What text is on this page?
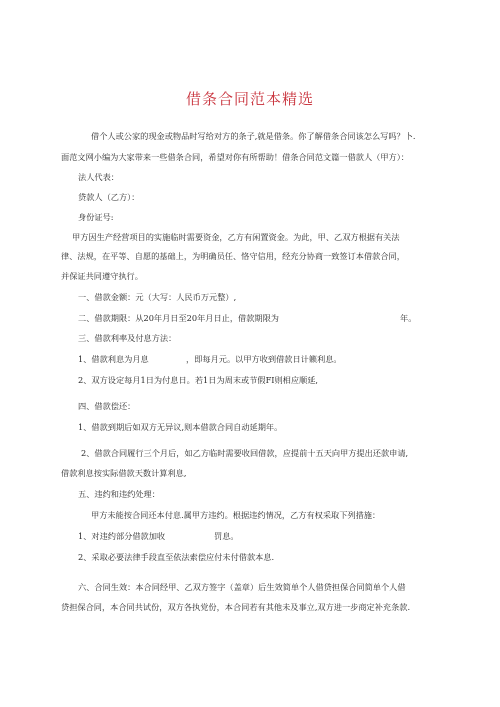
借条合同范本精选
借个人或公家的现金或物品时写给对方的条子,就是借条。你了解借条合同该怎么写吗？卜.
面范文网小编为大家带来一些借条合同，希望对你有所帮助！借条合同范文篇一借款人（甲方）：
法人代表：
贷款人（乙方）：
身份证号:
甲方因生产经营项目的实施临时需要资金，乙方有闲置资金。为此，甲、乙双方根据有关法
律、法规，在平等、自愿的基础上，为明确员任、恪守信用，经充分协商一致签订本借款合同，
并保证共同遵守执行。
一、借款金额：元（大写：人民币万元整）,
二、借款期限：从20年月日至20年月日止，借款期限为	年。
三、借款利率及付息方法：
1、借款利息为月息	，即每月元。以甲方收到借款日计籁利息。
2、双方设定每月1日为付息日。若1日为周末或节假FI则相应顺延,
四、借款偿还：
1、借款到期后如双方无异议,则本借款合同自动延期年。
2、借款合同履行三个月后，如乙方临时需要收回借款，应提前十五天向甲方提出还款申请,
借款利息按实际借款天数计算利息,
五、违约和违约处理：
甲方未能按合同还本付息.属甲方违约。根据违约情况，乙方有权采取下列措施：
1、对违约部分借款加收	罚息。
2、采取必要法律手段直至依法索偿应付未付借款本息.
六、合同生效：本合同经甲、乙双方签字（盖章）后生效简单个人借贷担保合同简单个人借
贷担保合同，本合同共试份，双方各执党份，本合同若有其他未及事立,双方进一步商定补充条款.
